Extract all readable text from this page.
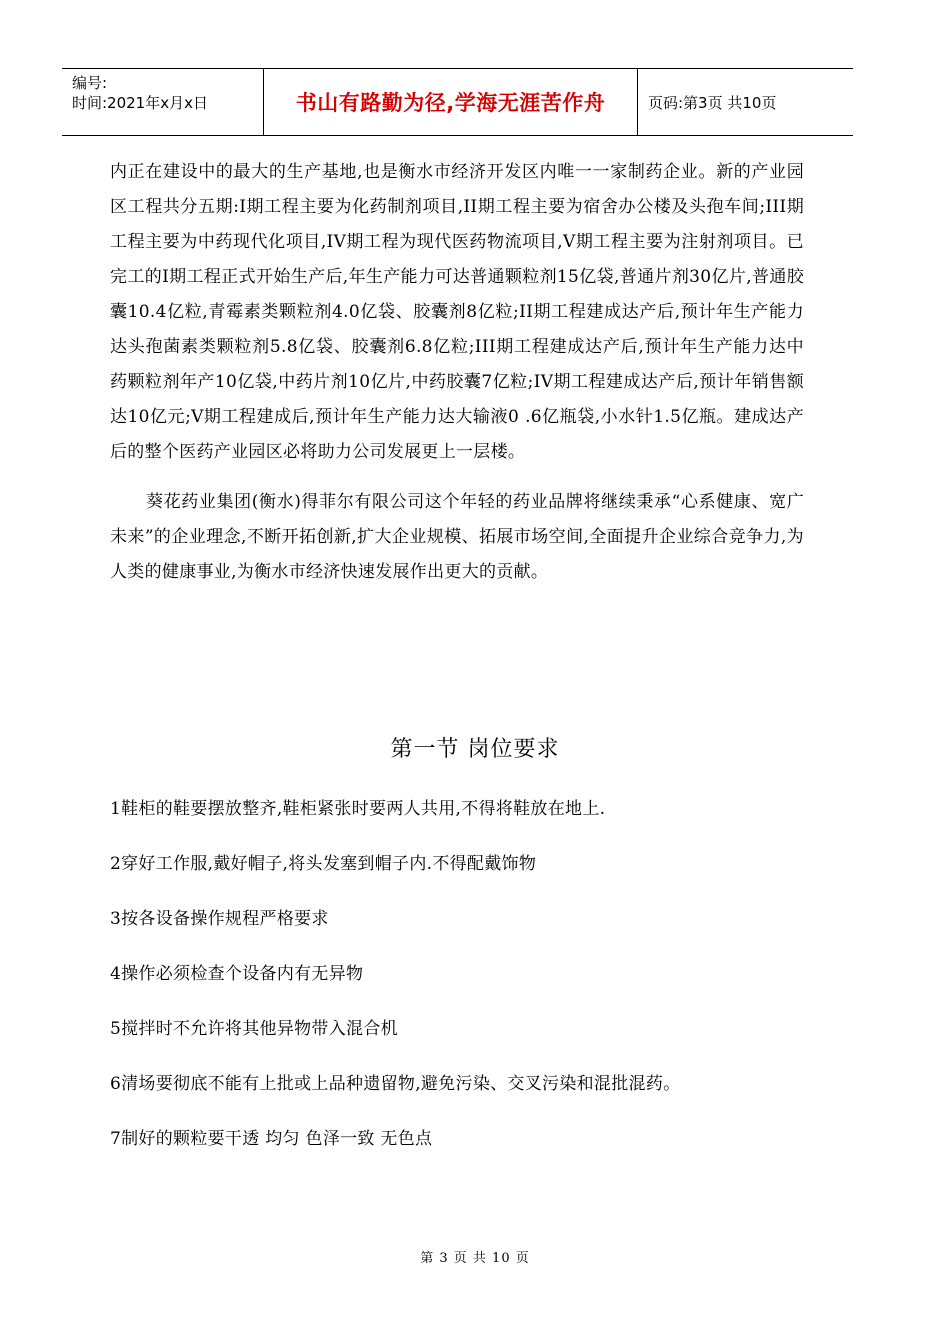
编号:
时间:2021年x月x日	书山有路勤为径,学海无涯苦作舟	页码:第3页 共10页

内正在建设中的最大的生产基地,也是衡水市经济开发区内唯一一家制药企业。新的产业园区工程共分五期:I期工程主要为化药制剂项目,II期工程主要为宿舍办公楼及头孢车间;III期工程主要为中药现代化项目,IV期工程为现代医药物流项目,V期工程主要为注射剂项目。已完工的I期工程正式开始生产后,年生产能力可达普通颗粒剂15亿袋,普通片剂30亿片,普通胶囊10.4亿粒,青霉素类颗粒剂4.0亿袋、胶囊剂8亿粒;II期工程建成达产后,预计年生产能力达头孢菌素类颗粒剂5.8亿袋、胶囊剂6.8亿粒;III期工程建成达产后,预计年生产能力达中药颗粒剂年产10亿袋,中药片剂10亿片,中药胶囊7亿粒;IV期工程建成达产后,预计年销售额达10亿元;V期工程建成后,预计年生产能力达大输液0 .6亿瓶袋,小水针1.5亿瓶。建成达产后的整个医药产业园区必将助力公司发展更上一层楼。

葵花药业集团(衡水)得菲尔有限公司这个年轻的药业品牌将继续秉承“心系健康、宽广未来”的企业理念,不断开拓创新,扩大企业规模、拓展市场空间,全面提升企业综合竞争力,为人类的健康事业,为衡水市经济快速发展作出更大的贡献。

第一节 岗位要求
1鞋柜的鞋要摆放整齐,鞋柜紧张时要两人共用,不得将鞋放在地上.
2穿好工作服,戴好帽子,将头发塞到帽子内.不得配戴饰物
3按各设备操作规程严格要求
4操作必须检查个设备内有无异物
5搅拌时不允许将其他异物带入混合机
6清场要彻底不能有上批或上品种遗留物,避免污染、交叉污染和混批混药。
7制好的颗粒要干透 均匀 色泽一致 无色点
第 3 页 共 10 页
